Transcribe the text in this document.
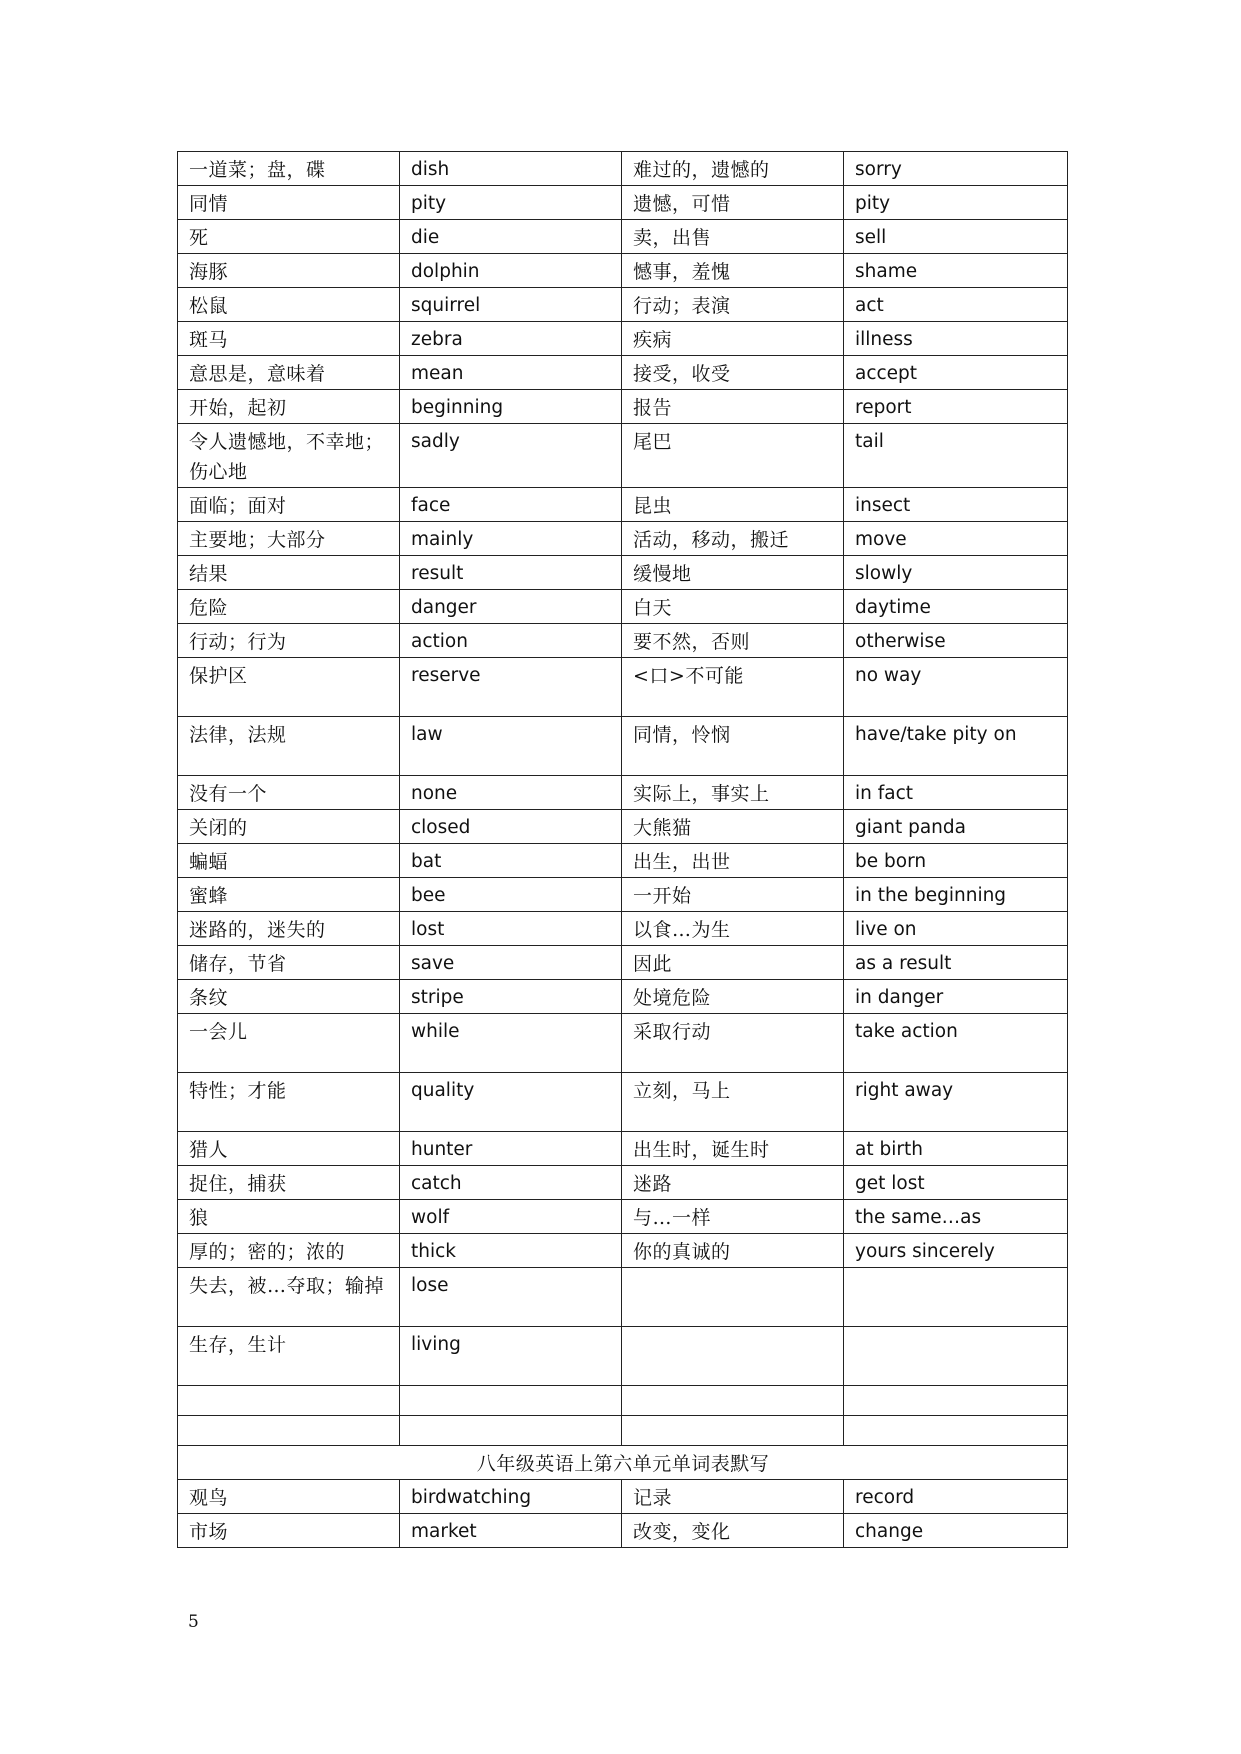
一道菜；盘，碟	dish	难过的，遗憾的	sorry
同情	pity	遗憾，可惜	pity
死	die	卖，出售	sell
海豚	dolphin	憾事，羞愧	shame
松鼠	squirrel	行动；表演	act
斑马	zebra	疾病	illness
意思是，意味着	mean	接受，收受	accept
开始，起初	beginning	报告	report
令人遗憾地，不幸地；伤心地	sadly	尾巴	tail
面临；面对	face	昆虫	insect
主要地；大部分	mainly	活动，移动，搬迁	move
结果	result	缓慢地	slowly
危险	danger	白天	daytime
行动；行为	action	要不然，否则	otherwise
保护区	reserve	<口>不可能	no way
法律，法规	law	同情，怜悯	have/take pity on
没有一个	none	实际上，事实上	in fact
关闭的	closed	大熊猫	giant panda
蝙蝠	bat	出生，出世	be born
蜜蜂	bee	一开始	in the beginning
迷路的，迷失的	lost	以食…为生	live on
储存，节省	save	因此	as a result
条纹	stripe	处境危险	in danger
一会儿	while	采取行动	take action
特性；才能	quality	立刻，马上	right away
猎人	hunter	出生时，诞生时	at birth
捉住，捕获	catch	迷路	get lost
狼	wolf	与…一样	the same…as
厚的；密的；浓的	thick	你的真诚的	yours sincerely
失去，被…夺取；输掉	lose		
生存，生计	living		

八年级英语上第六单元单词表默写			
观鸟	birdwatching	记录	record
市场	market	改变，变化	change
5
